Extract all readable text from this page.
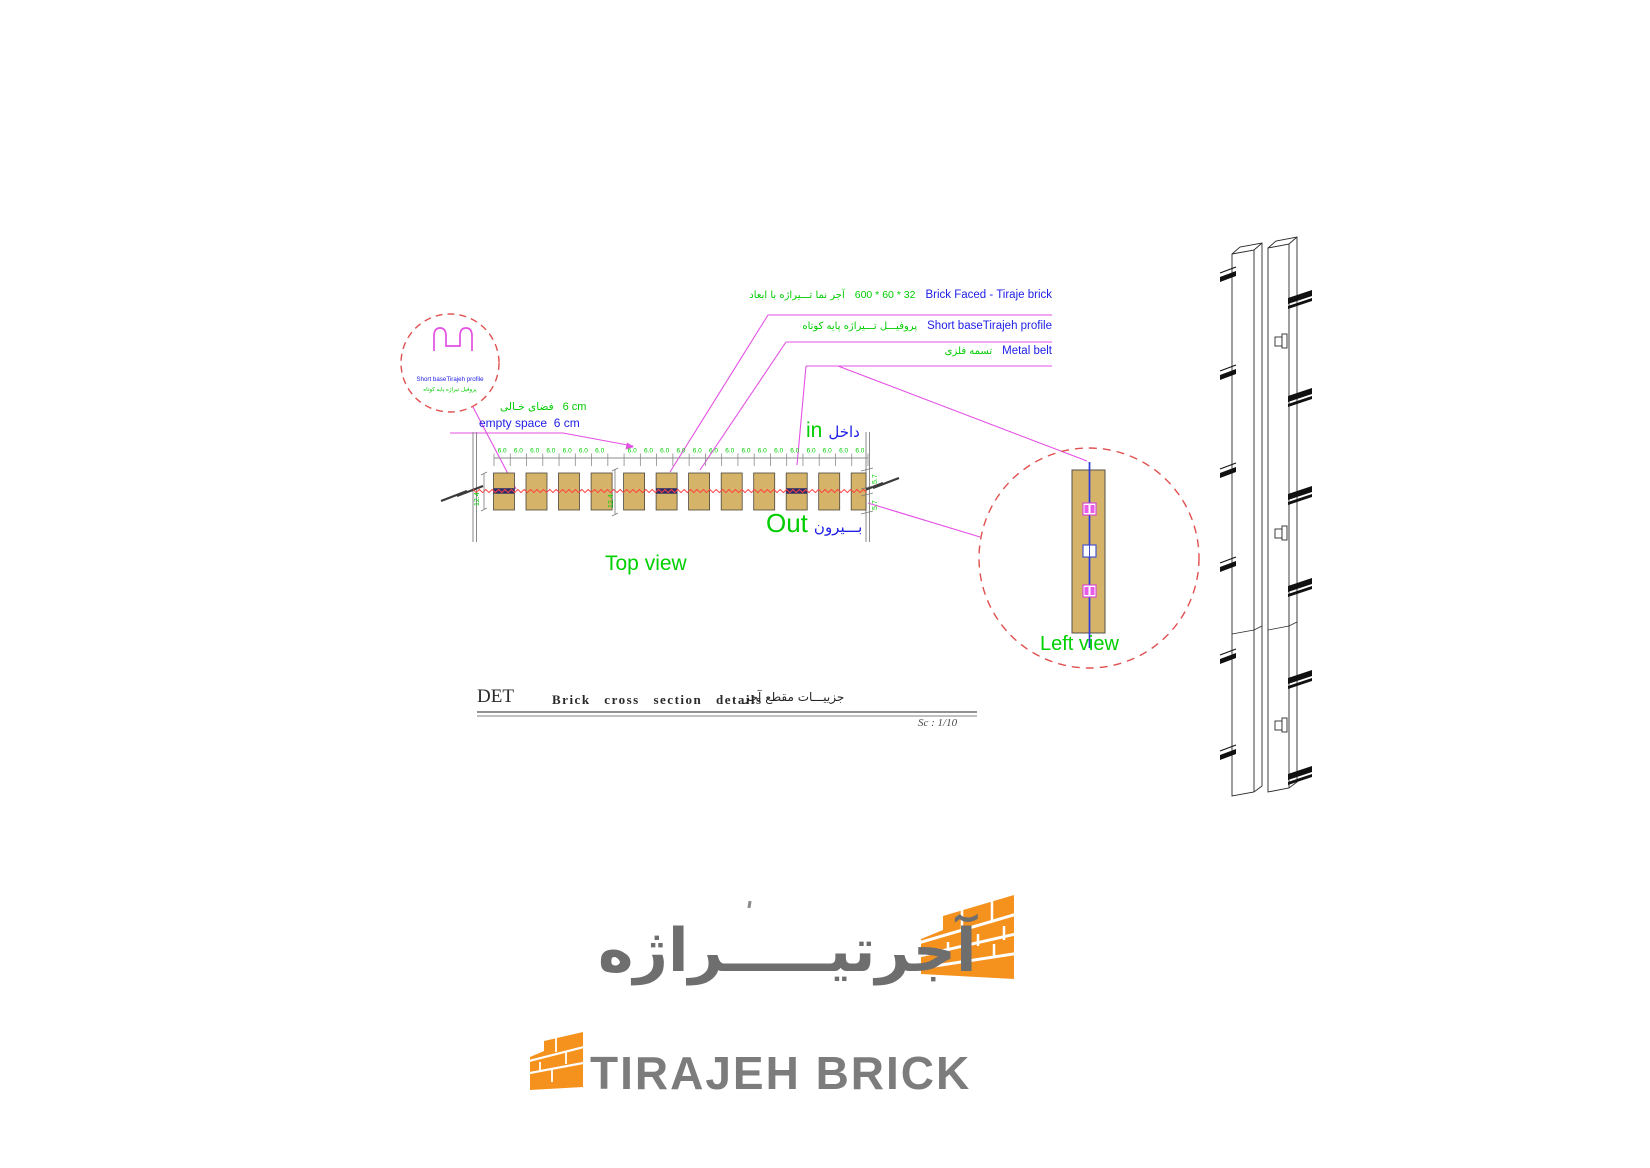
Short baseTirajeh profile
پروفیل تیراژه پایه کوتاه
6.0 6.0 6.0 6.0 6.0 6.0 6.0	6.0 6.0 6.0 6.0 6.0 6.0 6.0 6.0 6.0 6.0 6.0 6.0 6.0 6.0 6.0
12.4	12.4
5.7
5.7
آجر نما تـــیراژه با ابعاد 600 * 60 * 32 Brick Faced - Tiraje brick
پروفیـــل تـــیراژه پایه کوتاه Short baseTirajeh profile
تسمه فلزی Metal belt
فضای خـالی 6 cm
empty space  6 cm	in داخل
Out بـــیرون
Top view
Left view
DET	Brick cross section details
جزییـــات مقطع آجر
Sc : 1/10
آجرتیـــــراژه
TIRAJEH BRICK
